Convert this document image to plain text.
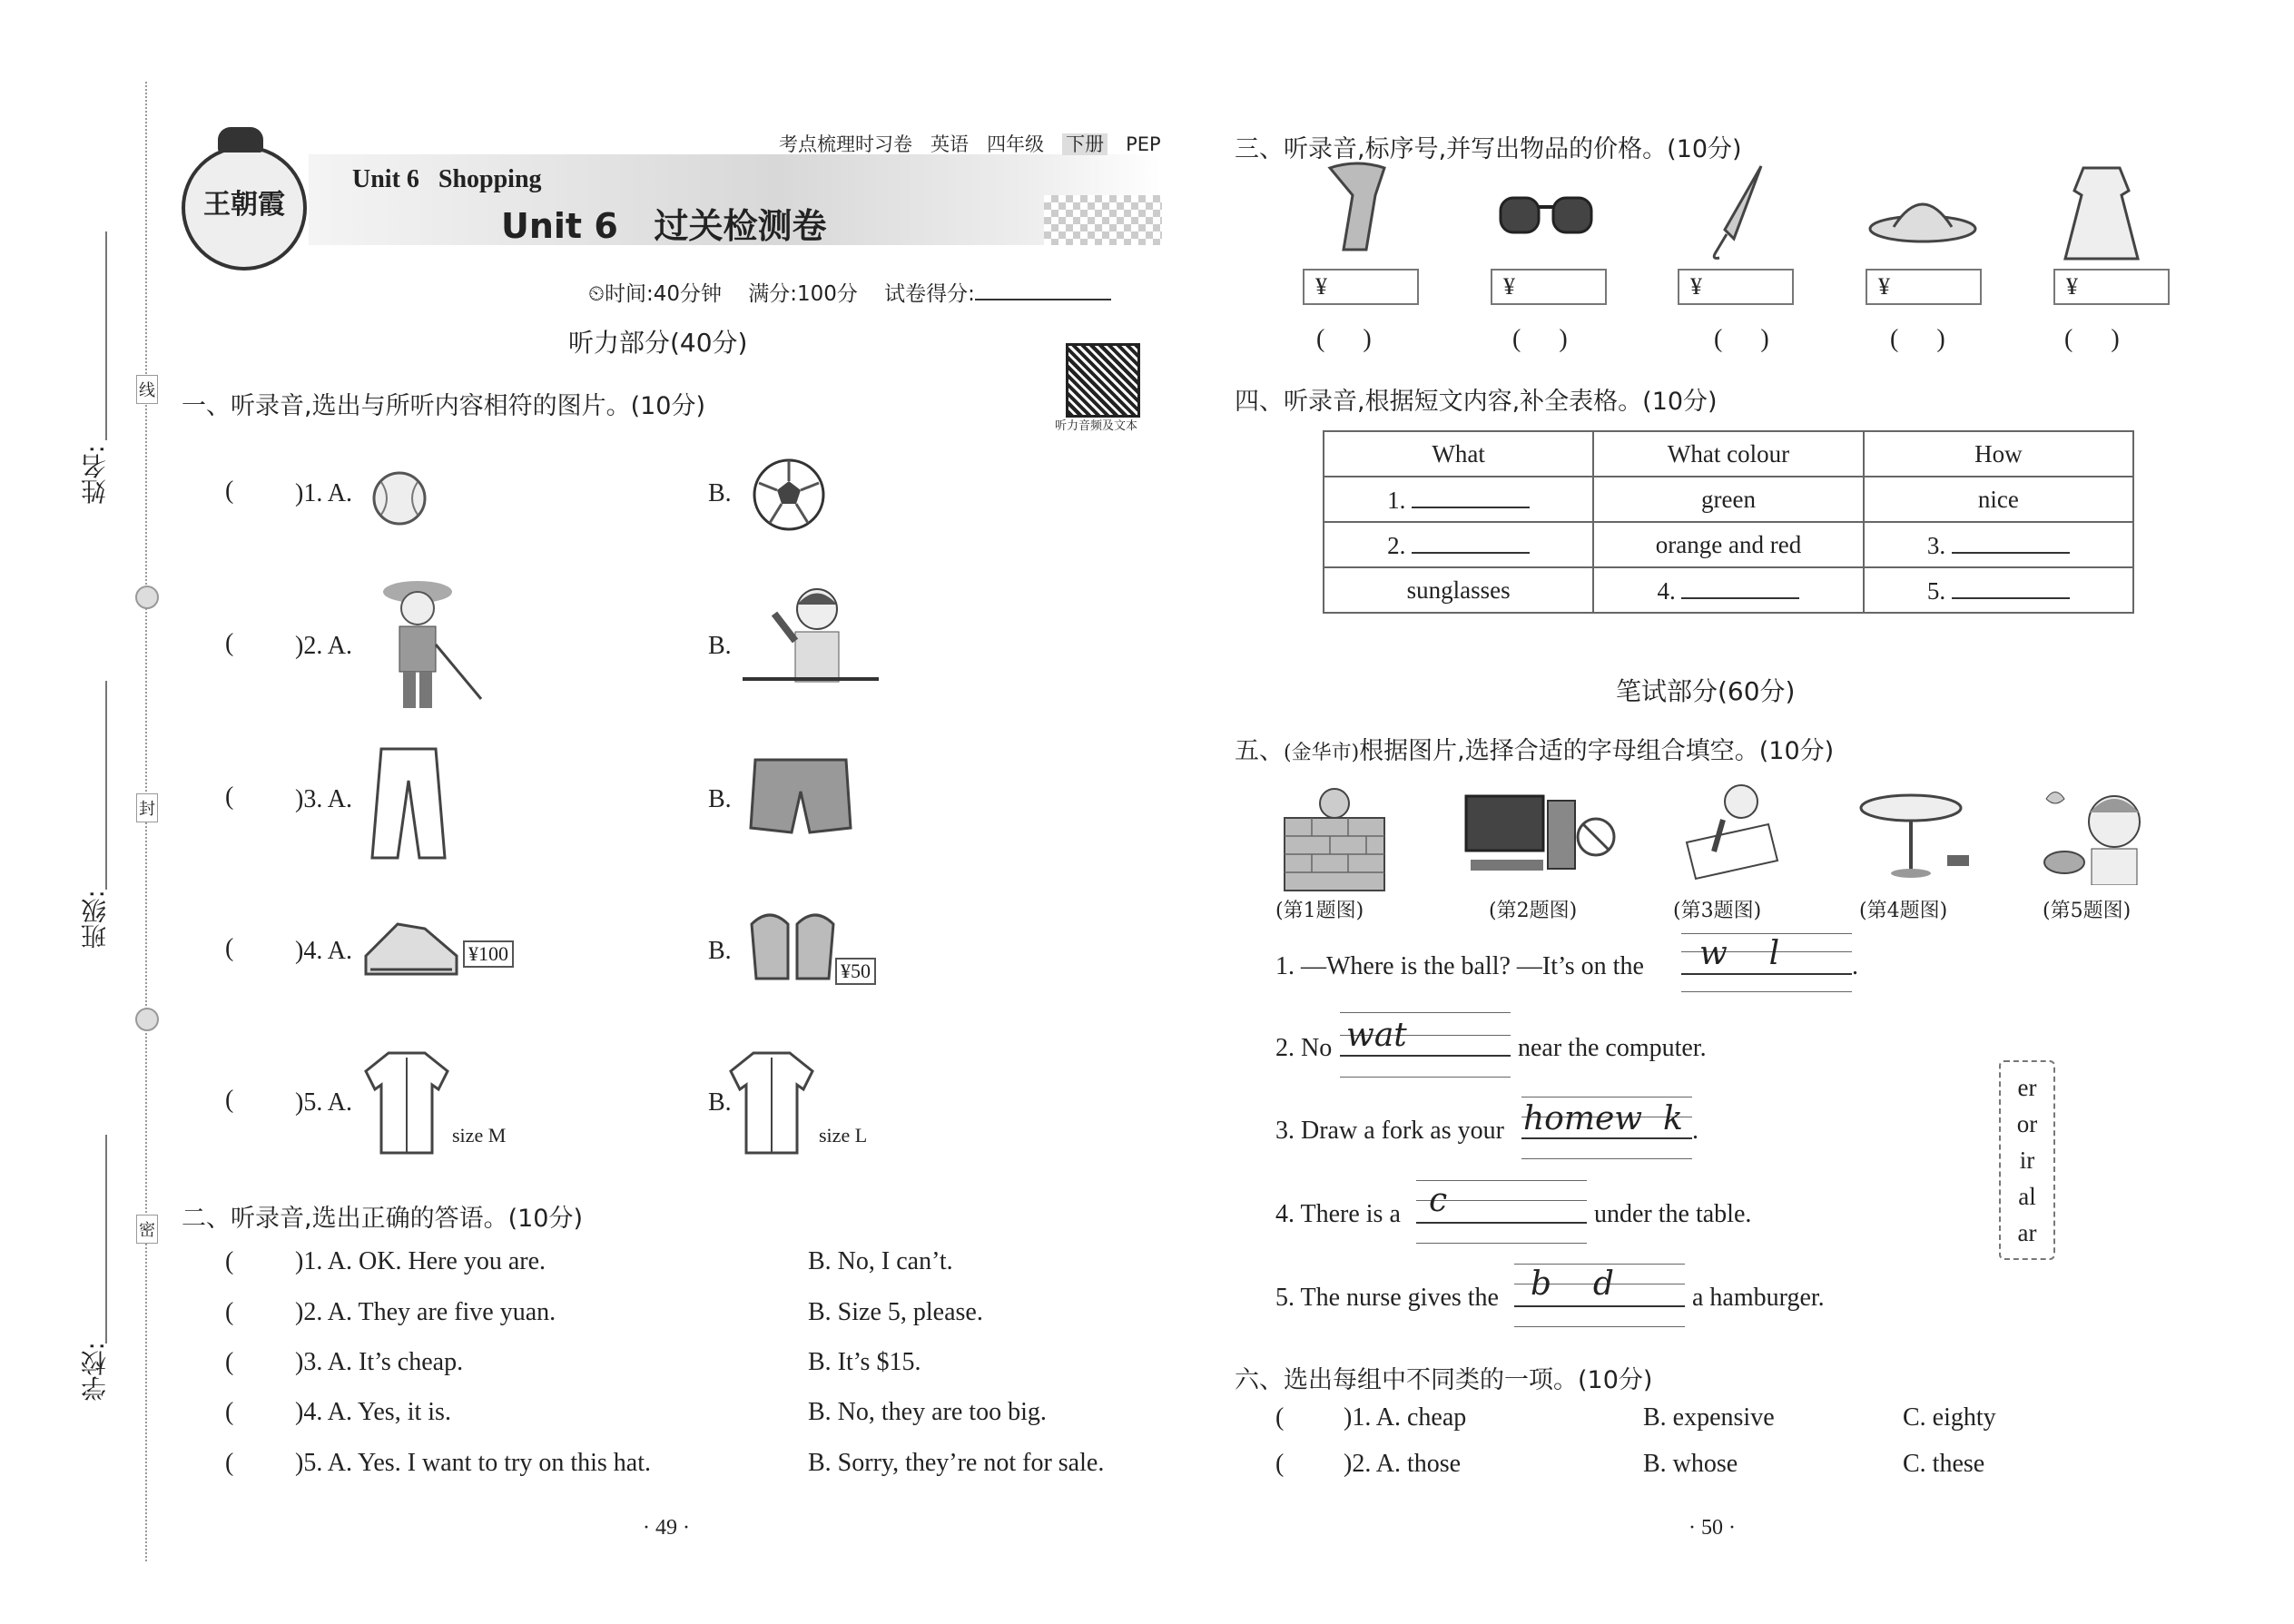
姓名:
班级:
学校:
线
封
密
王朝霞
考点梳理时习卷 英语 四年级 下册 PEP
Unit 6   Shopping
Unit 6   过关检测卷
⏲时间:40分钟 满分:100分 试卷得分:
听力部分(40分)
听力音频及文本
一、听录音,选出与所听内容相符的图片。(10分)
( )1. A.	B.
( )2. A.	B.
( )3. A.	B.
( )4. A.	¥100	B.
¥50
( )5. A.
size M
B.
size L
二、听录音,选出正确的答语。(10分)
( )1. A. OK. Here you are.	B. No, I can’t.
( )2. A. They are five yuan.	B. Size 5, please.
( )3. A. It’s cheap.	B. It’s $15.
( )4. A. Yes, it is.	B. No, they are too big.
( )5. A. Yes. I want to try on this hat.	B. Sorry, they’re not for sale.
· 49 ·
三、听录音,标序号,并写出物品的价格。(10分)
¥	¥	¥	¥	¥
(      )	(      )	(      )	(      )	(      )
四、听录音,根据短文内容,补全表格。(10分)
What	What colour	How
1.	green	nice
2.	orange and red	3.
sunglasses	4.	5.
笔试部分(60分)
五、(金华市)根据图片,选择合适的字母组合填空。(10分)
(第1题图)	(第2题图)	(第3题图)	(第4题图)	(第5题图)
1. —Where is the ball? —It’s on the w    l	.
2. No wat	near the computer.
3. Draw a fork as your homew  k .
4. There is a c	under the table.
5. The nurse gives the b    d	a hamburger.
er
or
ir
al
ar
六、选出每组中不同类的一项。(10分)
( )1. A. cheap	B. expensive	C. eighty
( )2. A. those	B. whose	C. these
· 50 ·
